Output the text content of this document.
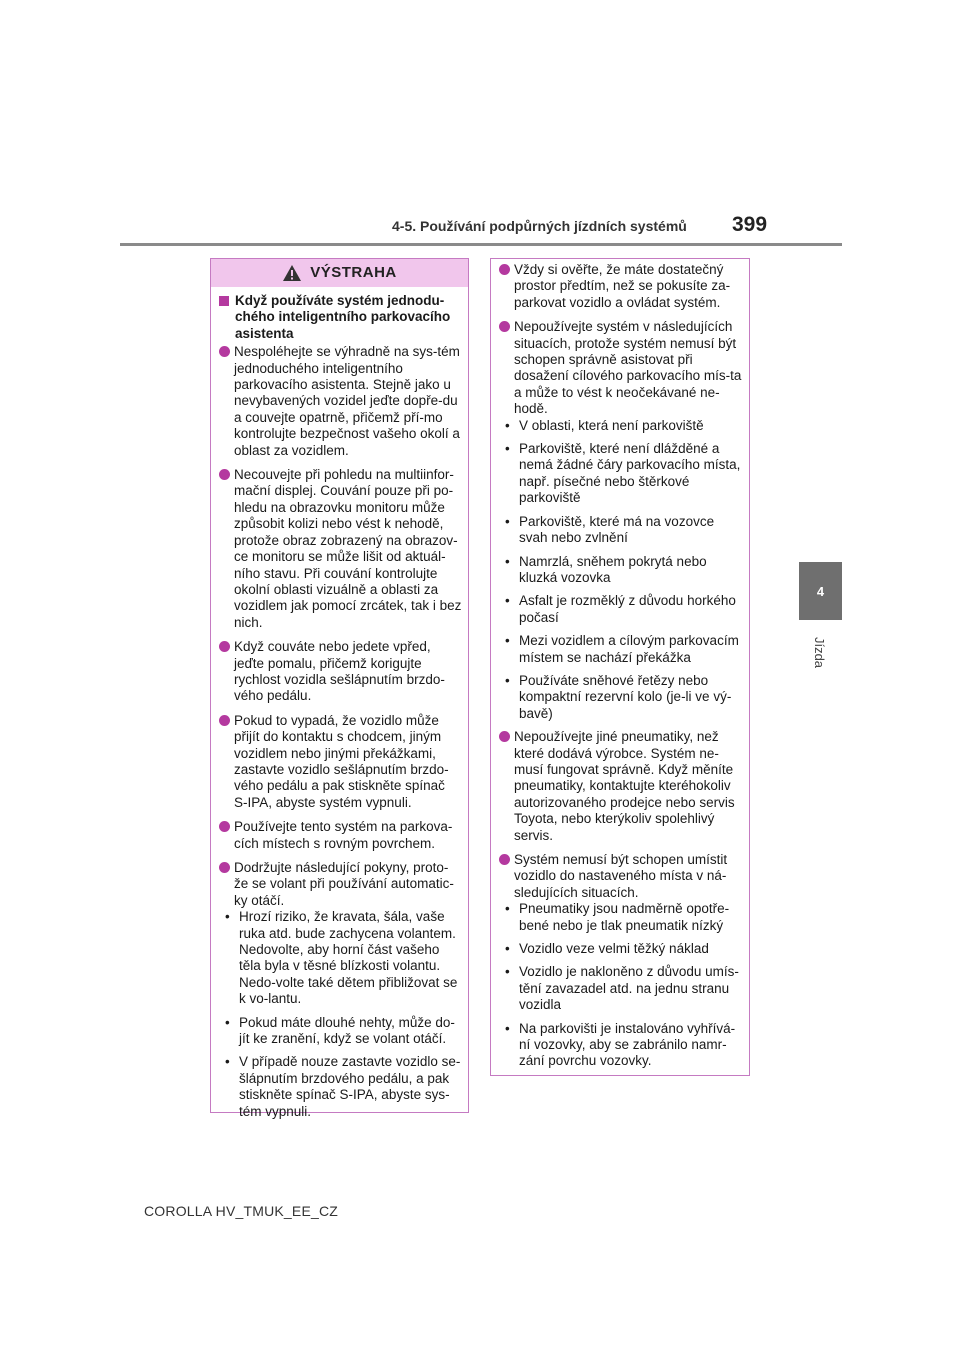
4-5. Používání podpůrných jízdních systémů 399
4
Jízda
VÝSTRAHA
Když používáte systém jednodu-chého inteligentního parkovacího asistenta
Nespoléhejte se výhradně na sys-tém jednoduchého inteligentního parkovacího asistenta. Stejně jako u nevybavených vozidel jeďte dopře-du a couvejte opatrně, přičemž pří-mo kontrolujte bezpečnost vašeho okolí a oblast za vozidlem.
Necouvejte při pohledu na multiinfor-mační displej. Couvání pouze při po-hledu na obrazovku monitoru může způsobit kolizi nebo vést k nehodě, protože obraz zobrazený na obrazov-ce monitoru se může lišit od aktuál-ního stavu. Při couvání kontrolujte okolní oblasti vizuálně a oblasti za vozidlem jak pomocí zrcátek, tak i bez nich.
Když couváte nebo jedete vpřed, jeďte pomalu, přičemž korigujte rychlost vozidla sešlápnutím brzdo-vého pedálu.
Pokud to vypadá, že vozidlo může přijít do kontaktu s chodcem, jiným vozidlem nebo jinými překážkami, zastavte vozidlo sešlápnutím brzdo-vého pedálu a pak stiskněte spínač S-IPA, abyste systém vypnuli.
Používejte tento systém na parkova-cích místech s rovným povrchem.
Dodržujte následující pokyny, proto-že se volant při používání automatic-ky otáčí.
• Hrozí riziko, že kravata, šála, vaše ruka atd. bude zachycena volantem. Nedovolte, aby horní část vašeho těla byla v těsné blízkosti volantu. Nedo-volte také dětem přibližovat se k vo-lantu.
• Pokud máte dlouhé nehty, může do-jít ke zranění, když se volant otáčí.
• V případě nouze zastavte vozidlo se-šlápnutím brzdového pedálu, a pak stiskněte spínač S-IPA, abyste sys-tém vypnuli.
Vždy si ověřte, že máte dostatečný prostor předtím, než se pokusíte za-parkovat vozidlo a ovládat systém.
Nepoužívejte systém v následujících situacích, protože systém nemusí být schopen správně asistovat při dosažení cílového parkovacího mís-ta a může to vést k neočekávané ne-hodě.
• V oblasti, která není parkoviště
• Parkoviště, které není dlážděné a nemá žádné čáry parkovacího místa, např. písečné nebo štěrkové parkoviště
• Parkoviště, které má na vozovce svah nebo zvlnění
• Namrzlá, sněhem pokrytá nebo kluzká vozovka
• Asfalt je rozměklý z důvodu horkého počasí
• Mezi vozidlem a cílovým parkovacím místem se nachází překážka
• Používáte sněhové řetězy nebo kompaktní rezervní kolo (je-li ve vý-bavě)
Nepoužívejte jiné pneumatiky, než které dodává výrobce. Systém ne-musí fungovat správně. Když měníte pneumatiky, kontaktujte kteréhokoliv autorizovaného prodejce nebo servis Toyota, nebo kterýkoliv spolehlivý servis.
Systém nemusí být schopen umístit vozidlo do nastaveného místa v ná-sledujících situacích.
• Pneumatiky jsou nadměrně opotře-bené nebo je tlak pneumatik nízký
• Vozidlo veze velmi těžký náklad
• Vozidlo je nakloněno z důvodu umís-tění zavazadel atd. na jednu stranu vozidla
• Na parkovišti je instalováno vyhřívá-ní vozovky, aby se zabránilo namr-zání povrchu vozovky.
COROLLA HV_TMUK_EE_CZ
